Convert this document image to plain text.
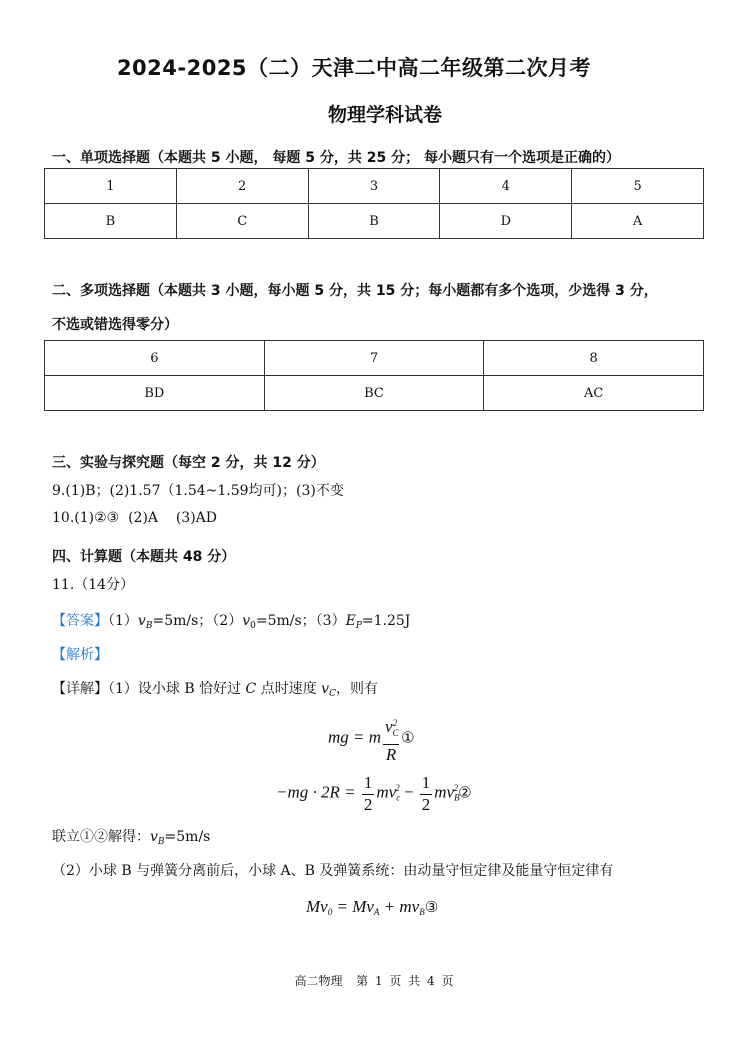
2024-2025（二）天津二中高二年级第二次月考
物理学科试卷
一、单项选择题（本题共 5 小题， 每题 5 分，共 25 分； 每小题只有一个选项是正确的）
1	2	3	4	5
B	C	B	D	A
二、多项选择题（本题共 3 小题，每小题 5 分，共 15 分；每小题都有多个选项，少选得 3 分，
不选或错选得零分）
6	7	8
BD	BC	AC
三、实验与探究题（每空 2 分，共 12 分）
9.(1)B；(2)1.57（1.54~1.59均可)；(3)不变
10.(1)②③  (2)A    (3)AD
四、计算题（本题共 48 分）
11.（14分）
【答案】$(1)v_B=5m/s$；$(2)v_0=5m/s$；$(3)E_P=1.25J$
【解析】
【详解】（1）设小球 B 恰好过 C 点时速度 $v_C$，则有
mg = m $\frac{v_C^2}{R}$ ①
$-mg \cdot 2R = \frac{1}{2} mv_c^2 - \frac{1}{2}$ $mv_B^2②$
联立①②解得：$v_B=5m/s$
（2）小球 B 与弹簧分离前后，小球 A、B 及弹簧系统：由动量守恒定律及能量守恒定律有
$Mv_0 = Mv_A$ + $mv_B③$
高二物理  第 1 页 共 4 页
